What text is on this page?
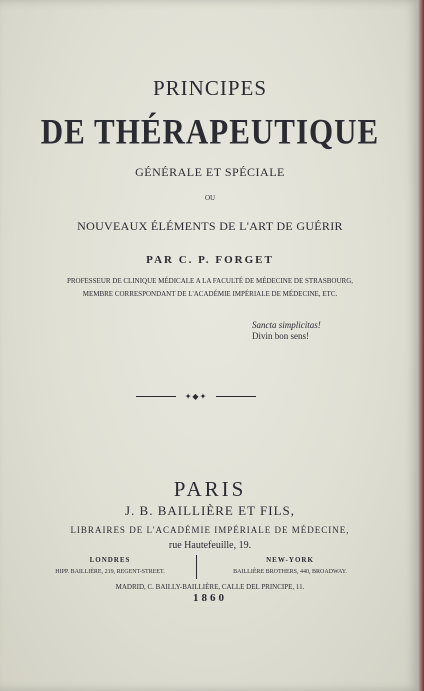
PRINCIPES
DE THÉRAPEUTIQUE
GÉNÉRALE ET SPÉCIALE
OU
NOUVEAUX ÉLÉMENTS DE L'ART DE GUÉRIR
PAR C. P. FORGET
PROFESSEUR DE CLINIQUE MÉDICALE A LA FACULTÉ DE MÉDECINE DE STRASBOURG,
MEMBRE CORRESPONDANT DE L'ACADÉMIE IMPÉRIALE DE MÉDECINE, ETC.
Sancta simplicitas!
Divin bon sens!
✦◆✦
PARIS
J. B. BAILLIÈRE ET FILS,
LIBRAIRES DE L'ACADÉMIE IMPÉRIALE DE MÉDECINE,
rue Hautefeuille, 19.
LONDRES
HIPP. BAILLIÈRE, 219, REGENT-STREET.
NEW-YORK
BAILLIÈRE BROTHERS, 440, BROADWAY.
MADRID, C. BAILLY-BAILLIÈRE, CALLE DEL PRINCIPE, 11.
1860
